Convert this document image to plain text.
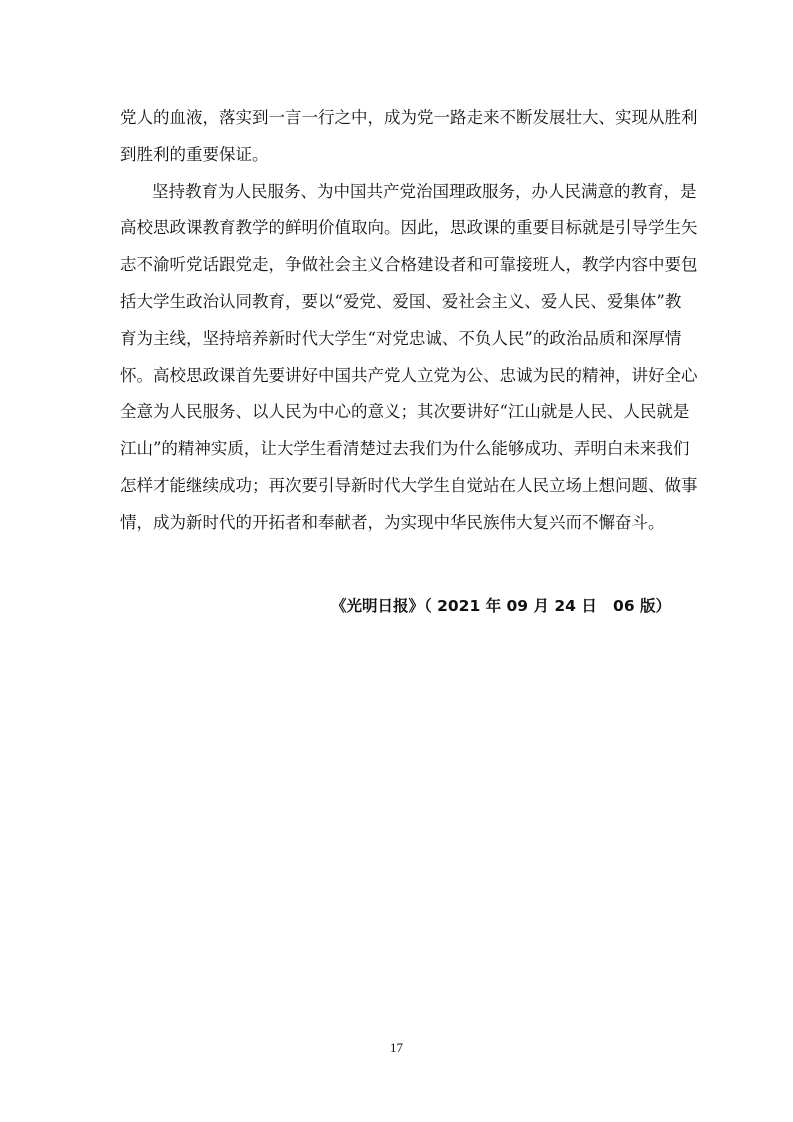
党人的血液，落实到一言一行之中，成为党一路走来不断发展壮大、实现从胜利
到胜利的重要保证。
坚持教育为人民服务、为中国共产党治国理政服务，办人民满意的教育，是
高校思政课教育教学的鲜明价值取向。因此，思政课的重要目标就是引导学生矢
志不渝听党话跟党走，争做社会主义合格建设者和可靠接班人，教学内容中要包
括大学生政治认同教育，要以“爱党、爱国、爱社会主义、爱人民、爱集体”教
育为主线，坚持培养新时代大学生“对党忠诚、不负人民”的政治品质和深厚情
怀。高校思政课首先要讲好中国共产党人立党为公、忠诚为民的精神，讲好全心
全意为人民服务、以人民为中心的意义；其次要讲好“江山就是人民、人民就是
江山”的精神实质，让大学生看清楚过去我们为什么能够成功、弄明白未来我们
怎样才能继续成功；再次要引导新时代大学生自觉站在人民立场上想问题、做事
情，成为新时代的开拓者和奉献者，为实现中华民族伟大复兴而不懈奋斗。
《光明日报》（ 2021 年 09 月 24 日   06 版）
17
